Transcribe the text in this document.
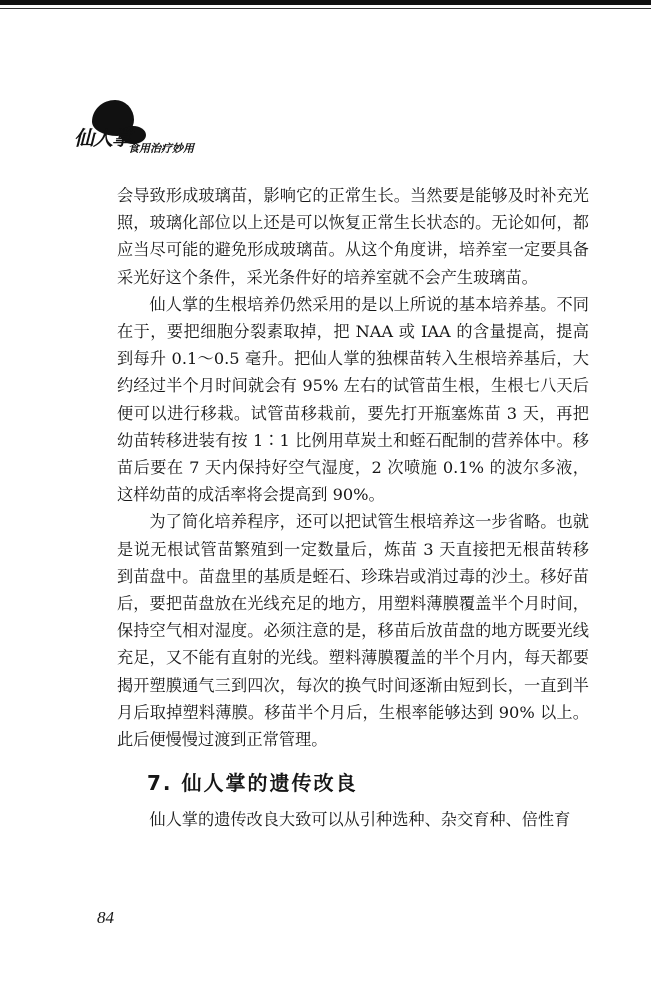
仙人掌
食用治疗妙用

会导致形成玻璃苗，影响它的正常生长。当然要是能够及时补充光照，玻璃化部位以上还是可以恢复正常生长状态的。无论如何，都应当尽可能的避免形成玻璃苗。从这个角度讲，培养室一定要具备采光好这个条件，采光条件好的培养室就不会产生玻璃苗。

仙人掌的生根培养仍然采用的是以上所说的基本培养基。不同在于，要把细胞分裂素取掉，把 NAA 或 IAA 的含量提高，提高到每升 0.1～0.5 毫升。把仙人掌的独棵苗转入生根培养基后，大约经过半个月时间就会有 95% 左右的试管苗生根，生根七八天后便可以进行移栽。试管苗移栽前，要先打开瓶塞炼苗 3 天，再把幼苗转移进装有按 1∶1 比例用草炭土和蛭石配制的营养体中。移苗后要在 7 天内保持好空气湿度，2 次喷施 0.1% 的波尔多液，这样幼苗的成活率将会提高到 90%。

为了简化培养程序，还可以把试管生根培养这一步省略。也就是说无根试管苗繁殖到一定数量后，炼苗 3 天直接把无根苗转移到苗盘中。苗盘里的基质是蛭石、珍珠岩或消过毒的沙土。移好苗后，要把苗盘放在光线充足的地方，用塑料薄膜覆盖半个月时间，保持空气相对湿度。必须注意的是，移苗后放苗盘的地方既要光线充足，又不能有直射的光线。塑料薄膜覆盖的半个月内，每天都要揭开塑膜通气三到四次，每次的换气时间逐渐由短到长，一直到半月后取掉塑料薄膜。移苗半个月后，生根率能够达到 90% 以上。此后便慢慢过渡到正常管理。

7. 仙人掌的遗传改良

仙人掌的遗传改良大致可以从引种选种、杂交育种、倍性育

84
